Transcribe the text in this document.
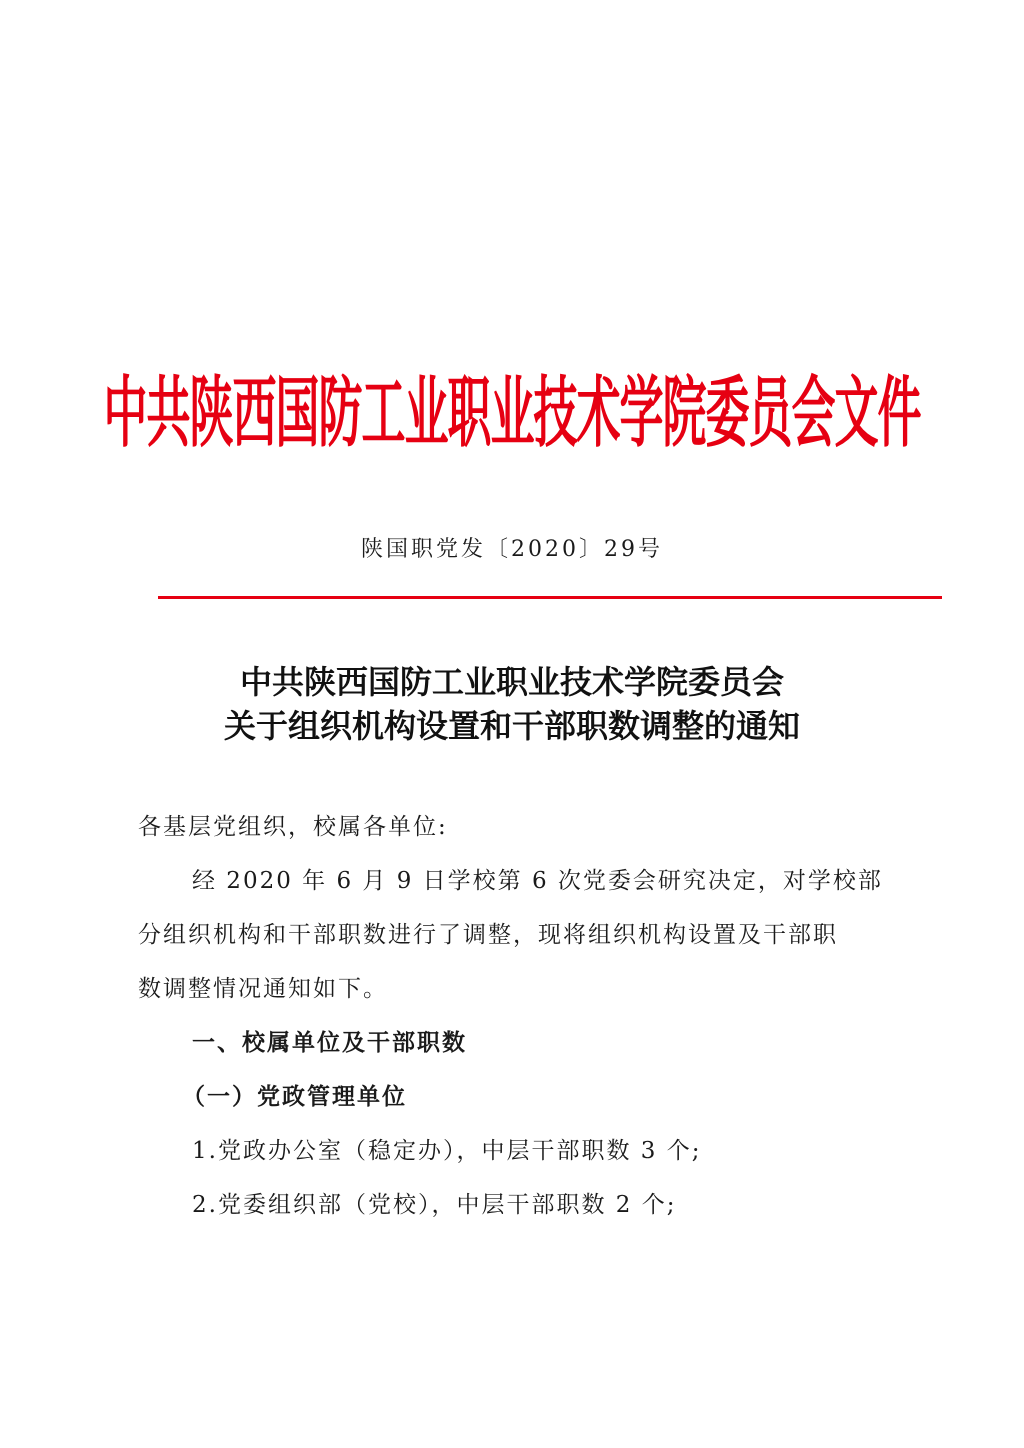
中共陕西国防工业职业技术学院委员会文件
陕国职党发〔2020〕29号
中共陕西国防工业职业技术学院委员会
关于组织机构设置和干部职数调整的通知
各基层党组织，校属各单位:
经 2020 年 6 月 9 日学校第 6 次党委会研究决定，对学校部
分组织机构和干部职数进行了调整，现将组织机构设置及干部职
数调整情况通知如下。
一、校属单位及干部职数
（一）党政管理单位
1.党政办公室（稳定办），中层干部职数 3 个;
2.党委组织部（党校），中层干部职数 2 个;
